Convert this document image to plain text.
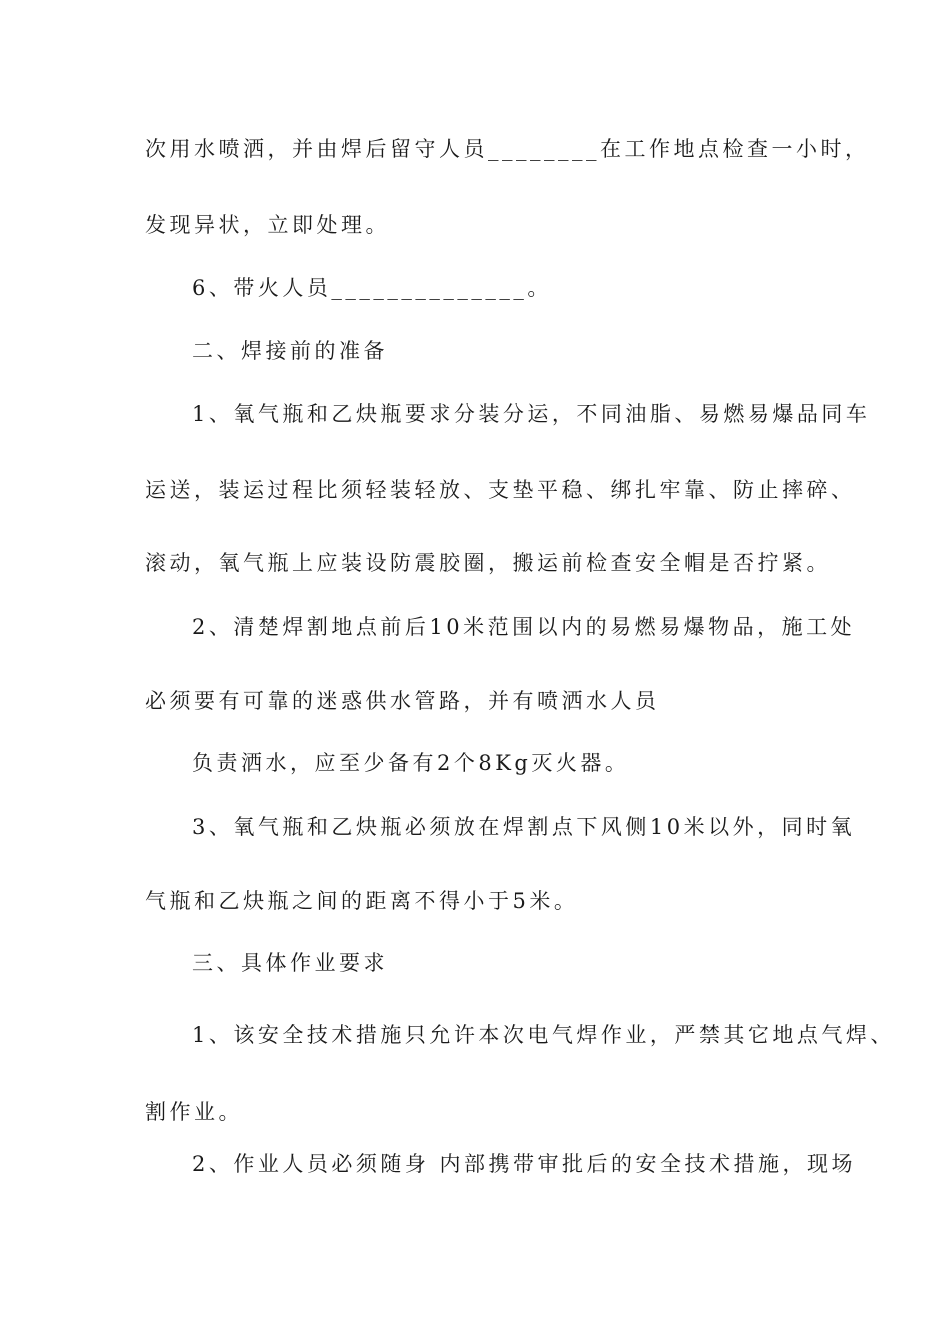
次用水喷洒，并由焊后留守人员________在工作地点检查一小时，
发现异状，立即处理。
6、带火人员______________。
二、焊接前的准备
1、氧气瓶和乙炔瓶要求分装分运，不同油脂、易燃易爆品同车
运送，装运过程比须轻装轻放、支垫平稳、绑扎牢靠、防止摔碎、
滚动，氧气瓶上应装设防震胶圈，搬运前检查安全帽是否拧紧。
2、清楚焊割地点前后10米范围以内的易燃易爆物品，施工处
必须要有可靠的迷惑供水管路，并有喷洒水人员
负责洒水，应至少备有2个8Kg灭火器。
3、氧气瓶和乙炔瓶必须放在焊割点下风侧10米以外，同时氧
气瓶和乙炔瓶之间的距离不得小于5米。
三、具体作业要求
1、该安全技术措施只允许本次电气焊作业，严禁其它地点气焊、
割作业。
2、作业人员必须随身 内部携带审批后的安全技术措施，现场
